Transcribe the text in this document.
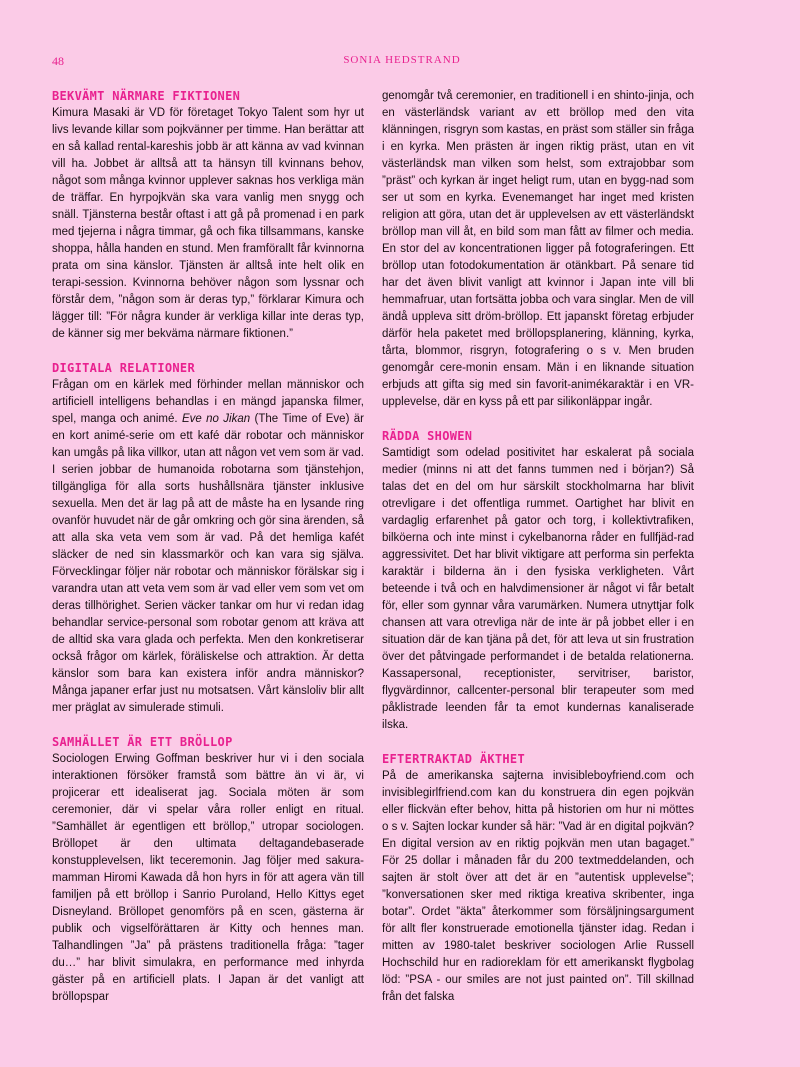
48	SONIA HEDSTRAND
BEKVÄMT NÄRMARE FIKTIONEN

Kimura Masaki är VD för företaget Tokyo Talent som hyr ut livs levande killar som pojkvänner per timme. Han berättar att en så kallad rental-kareshis jobb är att känna av vad kvinnan vill ha. Jobbet är alltså att ta hänsyn till kvinnans behov, något som många kvinnor upplever saknas hos verkliga män de träffar. En hyrpojkvän ska vara vanlig men snygg och snäll. Tjänsterna består oftast i att gå på promenad i en park med tjejerna i några timmar, gå och fika tillsammans, kanske shoppa, hålla handen en stund. Men framförallt får kvinnorna prata om sina känslor. Tjänsten är alltså inte helt olik en terapi-session. Kvinnorna behöver någon som lyssnar och förstår dem, ”någon som är deras typ,” förklarar Kimura och lägger till: ”För några kunder är verkliga killar inte deras typ, de känner sig mer bekväma närmare fiktionen.”

DIGITALA RELATIONER

Frågan om en kärlek med förhinder mellan människor och artificiell intelligens behandlas i en mängd japanska filmer, spel, manga och animé. Eve no Jikan (The Time of Eve) är en kort animé-serie om ett kafé där robotar och människor kan umgås på lika villkor, utan att någon vet vem som är vad. I serien jobbar de humanoida robotarna som tjänstehjon, tillgängliga för alla sorts hushållsnära tjänster inklusive sexuella. Men det är lag på att de måste ha en lysande ring ovanför huvudet när de går omkring och gör sina ärenden, så att alla ska veta vem som är vad. På det hemliga kafét släcker de ned sin klassmarkör och kan vara sig själva. Förvecklingar följer när robotar och människor förälskar sig i varandra utan att veta vem som är vad eller vem som vet om deras tillhörighet. Serien väcker tankar om hur vi redan idag behandlar service-personal som robotar genom att kräva att de alltid ska vara glada och perfekta. Men den konkretiserar också frågor om kärlek, föräliskelse och attraktion. Är detta känslor som bara kan existera inför andra människor? Många japaner erfar just nu motsatsen. Vårt känsloliv blir allt mer präglat av simulerade stimuli.

SAMHÄLLET ÄR ETT BRÖLLOP

Sociologen Erwing Goffman beskriver hur vi i den sociala interaktionen försöker framstå som bättre än vi är, vi projicerar ett idealiserat jag. Sociala möten är som ceremonier, där vi spelar våra roller enligt en ritual. ”Samhället är egentligen ett bröllop,” utropar sociologen. Bröllopet är den ultimata deltagandebaserade konstupplevelsen, likt teceremonin. Jag följer med sakura-mamman Hiromi Kawada då hon hyrs in för att agera vän till familjen på ett bröllop i Sanrio Puroland, Hello Kittys eget Disneyland. Bröllopet genomförs på en scen, gästerna är publik och vigselförättaren är Kitty och hennes man. Talhandlingen ”Ja” på prästens traditionella fråga: ”tager du…” har blivit simulakra, en performance med inhyrda gäster på en artificiell plats. I Japan är det vanligt att bröllopspar

genomgår två ceremonier, en traditionell i en shinto-jinja, och en västerländsk variant av ett bröllop med den vita klänningen, risgryn som kastas, en präst som ställer sin fråga i en kyrka. Men prästen är ingen riktig präst, utan en vit västerländsk man vilken som helst, som extrajobbar som ”präst” och kyrkan är inget heligt rum, utan en bygg-nad som ser ut som en kyrka. Evenemanget har inget med kristen religion att göra, utan det är upplevelsen av ett västerländskt bröllop man vill åt, en bild som man fått av filmer och media. En stor del av koncentrationen ligger på fotograferingen. Ett bröllop utan fotodokumentation är otänkbart. På senare tid har det även blivit vanligt att kvinnor i Japan inte vill bli hemmafruar, utan fortsätta jobba och vara singlar. Men de vill ändå uppleva sitt dröm-bröllop. Ett japanskt företag erbjuder därför hela paketet med bröllopsplanering, klänning, kyrka, tårta, blommor, risgryn, fotografering o s v. Men bruden genomgår cere-monin ensam. Män i en liknande situation erbjuds att gifta sig med sin favorit-animékaraktär i en VR-upplevelse, där en kyss på ett par silikonläppar ingår.

RÄDDA SHOWEN

Samtidigt som odelad positivitet har eskalerat på sociala medier (minns ni att det fanns tummen ned i början?) Så talas det en del om hur särskilt stockholmarna har blivit otrevligare i det offentliga rummet. Oartighet har blivit en vardaglig erfarenhet på gator och torg, i kollektivtrafiken, bilköerna och inte minst i cykelbanorna råder en fullfjäd-rad aggressivitet. Det har blivit viktigare att performa sin perfekta karaktär i bilderna än i den fysiska verkligheten. Vårt beteende i två och en halvdimensioner är något vi får betalt för, eller som gynnar våra varumärken. Numera utnyttjar folk chansen att vara otrevliga när de inte är på jobbet eller i en situation där de kan tjäna på det, för att leva ut sin frustration över det påtvingade performandet i de betalda relationerna. Kassapersonal, receptionister, servitriser, baristor, flygvärdinnor, callcenter-personal blir terapeuter som med påklistrade leenden får ta emot kundernas kanaliserade ilska.

EFTERTRAKTAD ÄKTHET

På de amerikanska sajterna invisibleboyfriend.com och invisiblegirlfriend.com kan du konstruera din egen pojkvän eller flickvän efter behov, hitta på historien om hur ni möttes o s v. Sajten lockar kunder så här: ”Vad är en digital pojkvän? En digital version av en riktig pojkvän men utan bagaget.” För 25 dollar i månaden får du 200 textmeddelanden, och sajten är stolt över att det är en ”autentisk upplevelse”; ”konversationen sker med riktiga kreativa skribenter, inga botar”. Ordet ”äkta” återkommer som försäljningsargument för allt fler konstruerade emotionella tjänster idag. Redan i mitten av 1980-talet beskriver sociologen Arlie Russell Hochschild hur en radioreklam för ett amerikanskt flygbolag löd: ”PSA - our smiles are not just painted on”. Till skillnad från det falska
